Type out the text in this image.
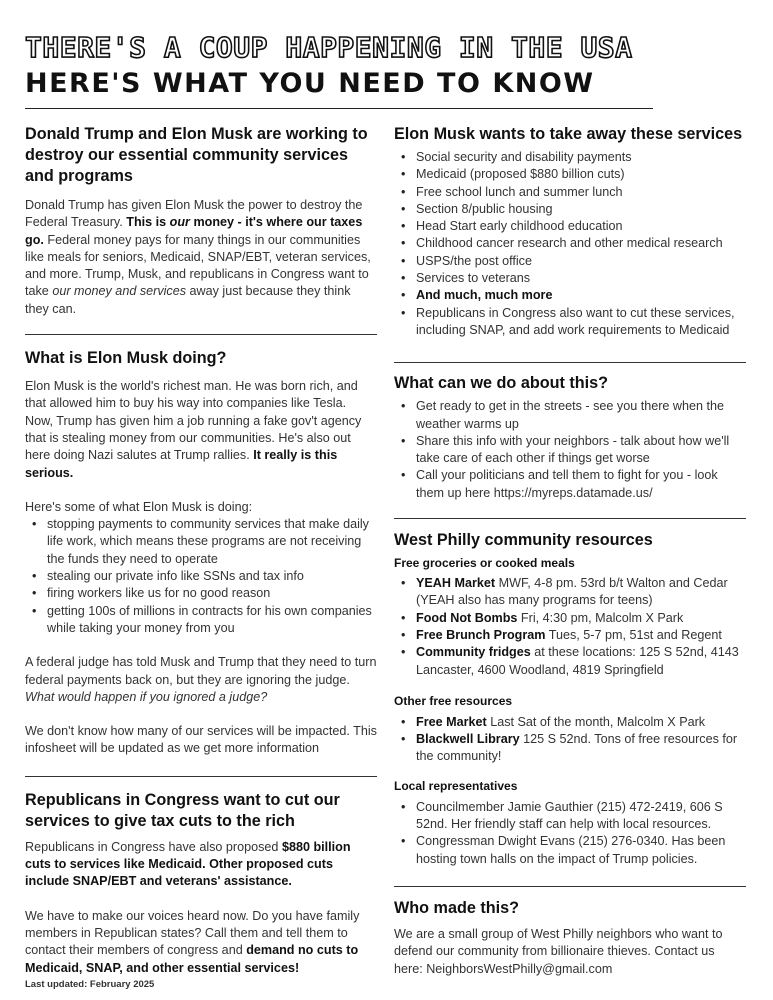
THERE'S A COUP HAPPENING IN THE USA
HERE'S WHAT YOU NEED TO KNOW
Donald Trump and Elon Musk are working to destroy our essential community services and programs

Donald Trump has given Elon Musk the power to destroy the Federal Treasury. This is our money - it's where our taxes go. Federal money pays for many things in our communities like meals for seniors, Medicaid, SNAP/EBT, veteran services, and more. Trump, Musk, and republicans in Congress want to take our money and services away just because they think they can.

What is Elon Musk doing?

Elon Musk is the world's richest man. He was born rich, and that allowed him to buy his way into companies like Tesla. Now, Trump has given him a job running a fake gov't agency that is stealing money from our communities. He's also out here doing Nazi salutes at Trump rallies. It really is this serious.

Here's some of what Elon Musk is doing:

• stopping payments to community services that make daily life work, which means these programs are not receiving the funds they need to operate
• stealing our private info like SSNs and tax info
• firing workers like us for no good reason
• getting 100s of millions in contracts for his own companies while taking your money from you

A federal judge has told Musk and Trump that they need to turn federal payments back on, but they are ignoring the judge. What would happen if you ignored a judge?

We don't know how many of our services will be impacted. This infosheet will be updated as we get more information

Republicans in Congress want to cut our services to give tax cuts to the rich

Republicans in Congress have also proposed $880 billion cuts to services like Medicaid. Other proposed cuts include SNAP/EBT and veterans' assistance.

We have to make our voices heard now. Do you have family members in Republican states? Call them and tell them to contact their members of congress and demand no cuts to Medicaid, SNAP, and other essential services!

Last updated: February 2025
Elon Musk wants to take away these services
• Social security and disability payments
• Medicaid (proposed $880 billion cuts)
• Free school lunch and summer lunch
• Section 8/public housing
• Head Start early childhood education
• Childhood cancer research and other medical research
• USPS/the post office
• Services to veterans
• And much, much more
• Republicans in Congress also want to cut these services, including SNAP, and add work requirements to Medicaid
What can we do about this?
• Get ready to get in the streets - see you there when the weather warms up
• Share this info with your neighbors - talk about how we'll take care of each other if things get worse
• Call your politicians and tell them to fight for you - look them up here https://myreps.datamade.us/
West Philly community resources
Free groceries or cooked meals
• YEAH Market MWF, 4-8 pm. 53rd b/t Walton and Cedar (YEAH also has many programs for teens)
• Food Not Bombs Fri, 4:30 pm, Malcolm X Park
• Free Brunch Program Tues, 5-7 pm, 51st and Regent
• Community fridges at these locations: 125 S 52nd, 4143 Lancaster, 4600 Woodland, 4819 Springfield
Other free resources
• Free Market Last Sat of the month, Malcolm X Park
• Blackwell Library 125 S 52nd. Tons of free resources for the community!
Local representatives
• Councilmember Jamie Gauthier (215) 472-2419, 606 S 52nd. Her friendly staff can help with local resources.
• Congressman Dwight Evans (215) 276-0340. Has been hosting town halls on the impact of Trump policies.
Who made this?

We are a small group of West Philly neighbors who want to defend our community from billionaire thieves. Contact us here: NeighborsWestPhilly@gmail.com
